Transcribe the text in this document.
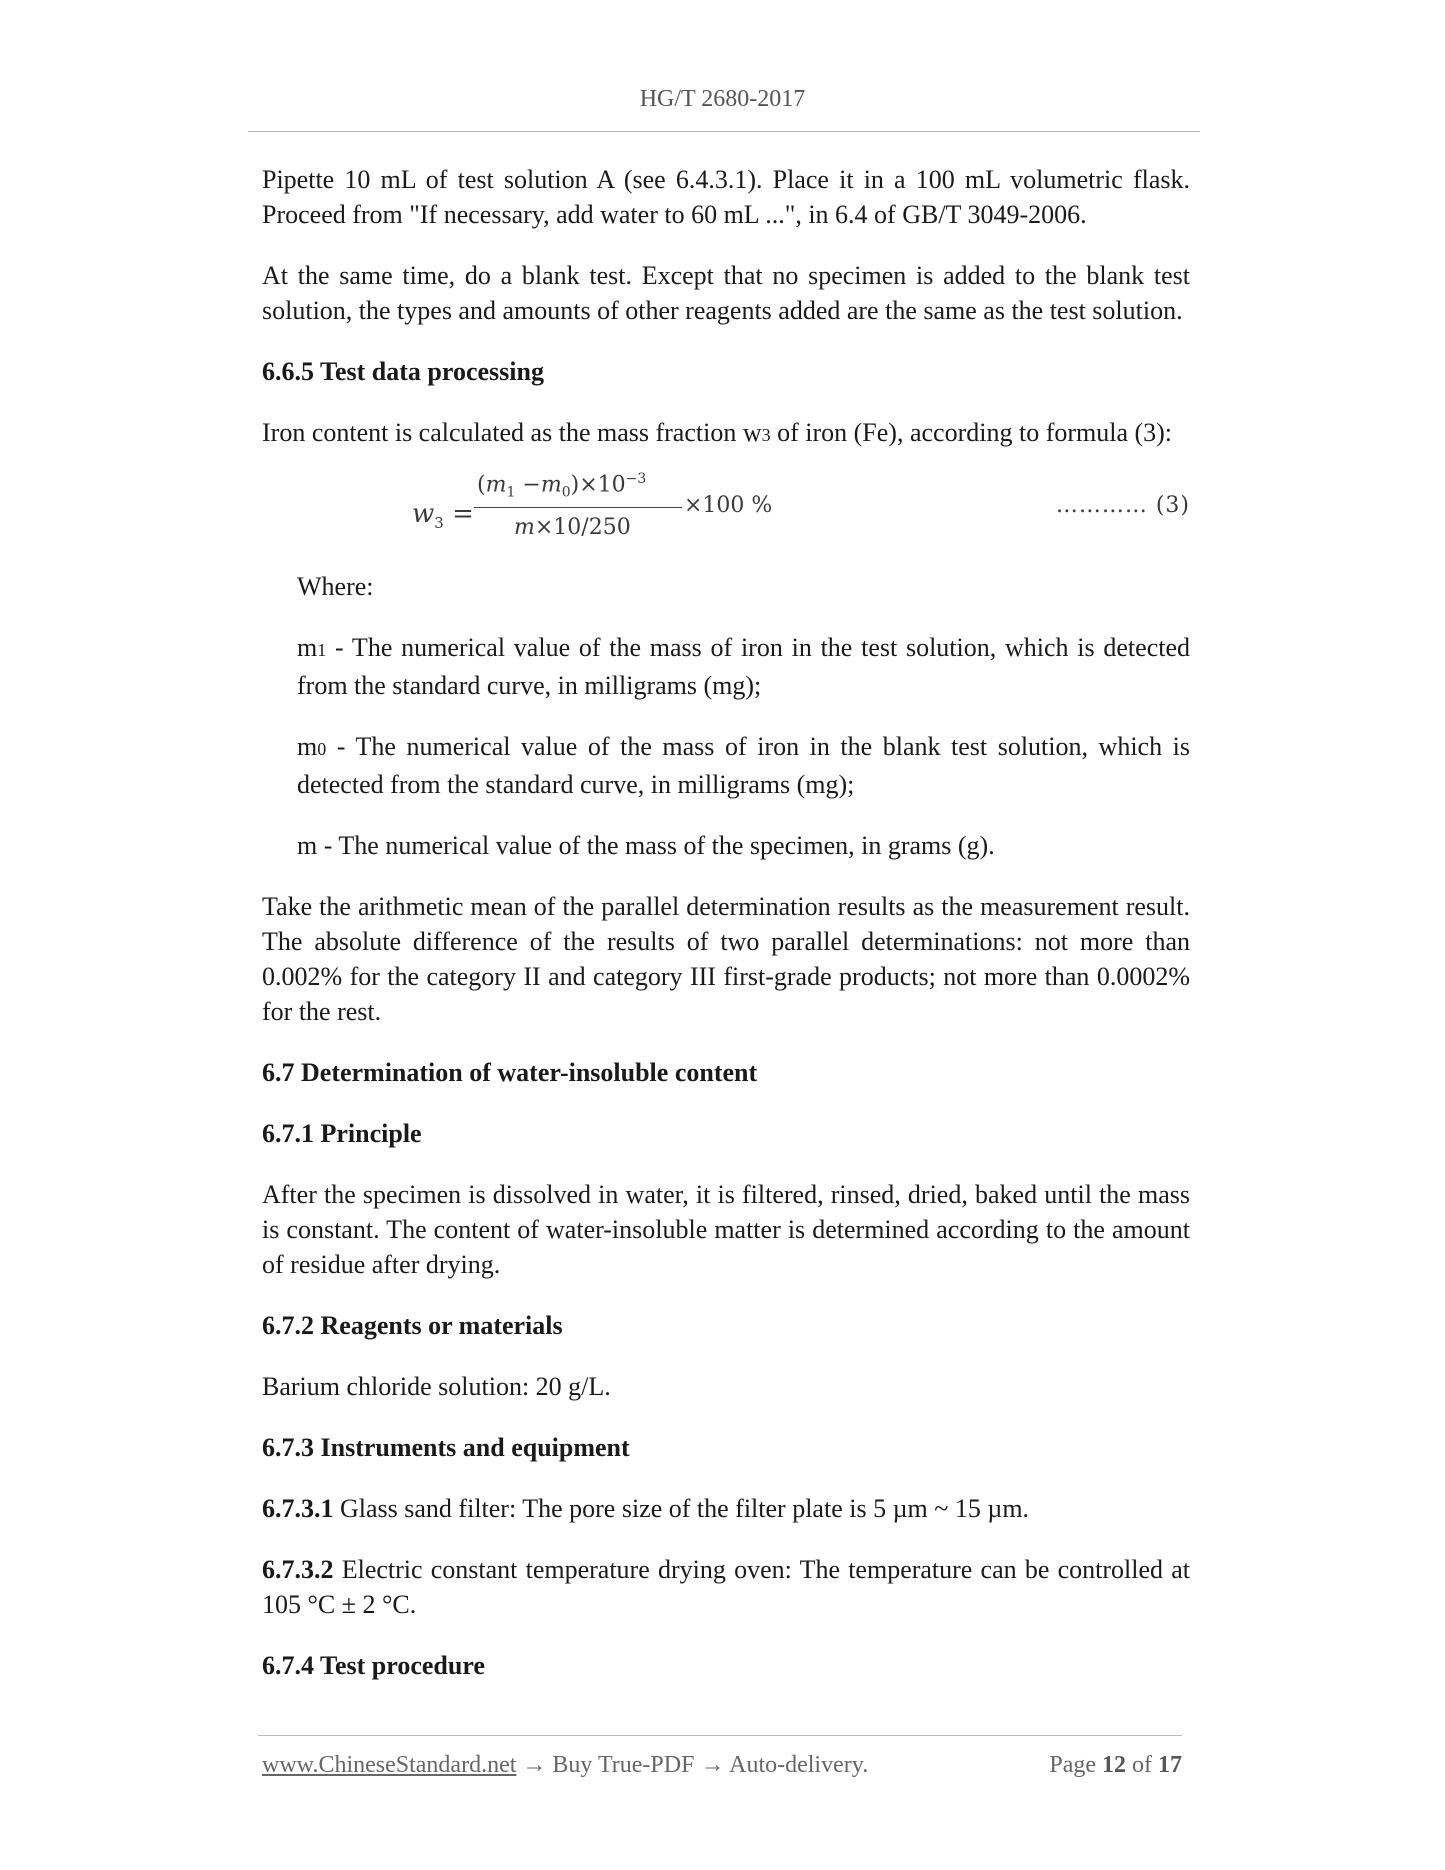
HG/T 2680-2017

Pipette 10 mL of test solution A (see 6.4.3.1). Place it in a 100 mL volumetric flask. Proceed from "If necessary, add water to 60 mL ...", in 6.4 of GB/T 3049-2006.

At the same time, do a blank test. Except that no specimen is added to the blank test solution, the types and amounts of other reagents added are the same as the test solution.

6.6.5 Test data processing

Iron content is calculated as the mass fraction w3 of iron (Fe), according to formula (3):

$w_3$ =
$(m_1 -m_0)\times 10^{-3}$
m×10/250
×100 %	………… (3)

Where:

m1 - The numerical value of the mass of iron in the test solution, which is detected from the standard curve, in milligrams (mg);

m0 - The numerical value of the mass of iron in the blank test solution, which is detected from the standard curve, in milligrams (mg);

m - The numerical value of the mass of the specimen, in grams (g).

Take the arithmetic mean of the parallel determination results as the measurement result. The absolute difference of the results of two parallel determinations: not more than 0.002% for the category II and category III first-grade products; not more than 0.0002% for the rest.

6.7 Determination of water-insoluble content
6.7.1 Principle

After the specimen is dissolved in water, it is filtered, rinsed, dried, baked until the mass is constant. The content of water-insoluble matter is determined according to the amount of residue after drying.

6.7.2 Reagents or materials

Barium chloride solution: 20 g/L.

6.7.3 Instruments and equipment

6.7.3.1 Glass sand filter: The pore size of the filter plate is 5 µm ~ 15 µm.

6.7.3.2 Electric constant temperature drying oven: The temperature can be controlled at 105 °C ± 2 °C.

6.7.4 Test procedure
www.ChineseStandard.net → Buy True-PDF → Auto-delivery.	Page 12 of 17
